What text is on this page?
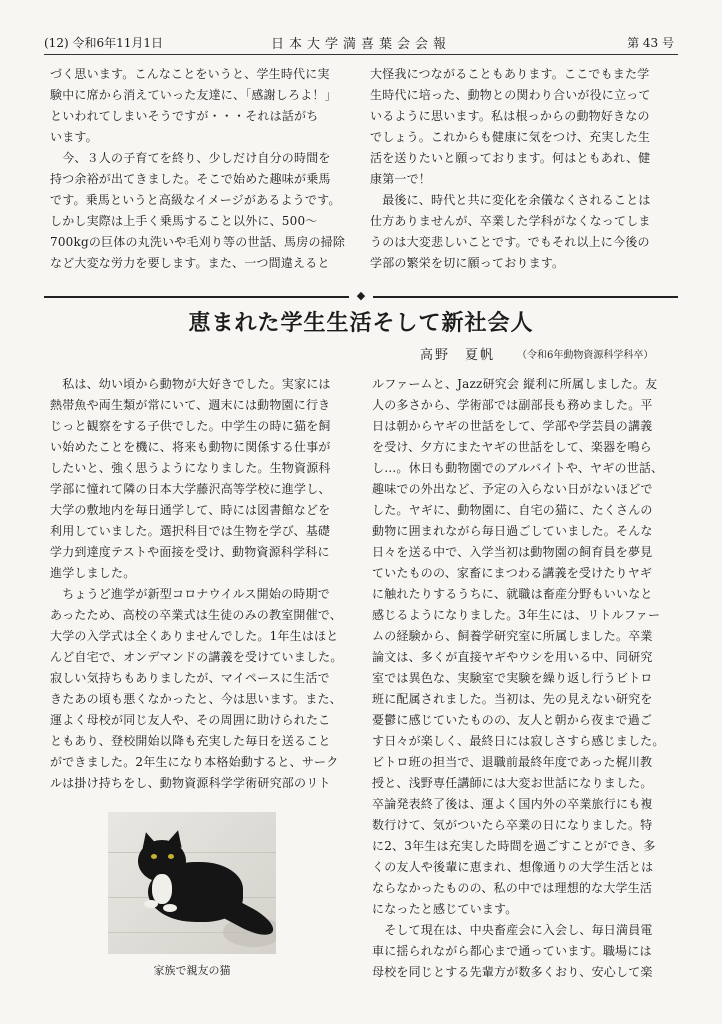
(12) 令和6年11月1日	日本大学満喜葉会会報	第 43 号
づく思います。こんなことをいうと、学生時代に実
験中に席から消えていった友達に、「感謝しろよ！」
といわれてしまいそうですが・・・それは話がち
います。
　今、３人の子育てを終り、少しだけ自分の時間を
持つ余裕が出てきました。そこで始めた趣味が乗馬
です。乗馬というと高級なイメージがあるようです。
しかし実際は上手く乗馬すること以外に、500〜
700kgの巨体の丸洗いや毛刈り等の世話、馬房の掃除
など大変な労力を要します。また、一つ間違えると
大怪我につながることもあります。ここでもまた学
生時代に培った、動物との関わり合いが役に立って
いるように思います。私は根っからの動物好きなの
でしょう。これからも健康に気をつけ、充実した生
活を送りたいと願っております。何はともあれ、健
康第一で！
　最後に、時代と共に変化を余儀なくされることは
仕方ありませんが、卒業した学科がなくなってしま
うのは大変悲しいことです。でもそれ以上に今後の
学部の繁栄を切に願っております。
◆
恵まれた学生生活そして新社会人
高野　夏帆 （令和6年動物資源科学科卒）
　私は、幼い頃から動物が大好きでした。実家には
熱帯魚や両生類が常にいて、週末には動物園に行き
じっと観察をする子供でした。中学生の時に猫を飼
い始めたことを機に、将来も動物に関係する仕事が
したいと、強く思うようになりました。生物資源科
学部に憧れて隣の日本大学藤沢高等学校に進学し、
大学の敷地内を毎日通学して、時には図書館などを
利用していました。選択科目では生物を学び、基礎
学力到達度テストや面接を受け、動物資源科学科に
進学しました。
　ちょうど進学が新型コロナウイルス開始の時期で
あったため、高校の卒業式は生徒のみの教室開催で、
大学の入学式は全くありませんでした。1年生はほと
んど自宅で、オンデマンドの講義を受けていました。
寂しい気持ちもありましたが、マイペースに生活で
きたあの頃も悪くなかったと、今は思います。また、
運よく母校が同じ友人や、その周囲に助けられたこ
ともあり、登校開始以降も充実した毎日を送ること
ができました。2年生になり本格始動すると、サーク
ルは掛け持ちをし、動物資源科学学術研究部のリト
ルファームと、Jazz研究会 縦利に所属しました。友
人の多さから、学術部では副部長も務めました。平
日は朝からヤギの世話をして、学部や学芸員の講義
を受け、夕方にまたヤギの世話をして、楽器を鳴ら
し…。休日も動物園でのアルバイトや、ヤギの世話、
趣味での外出など、予定の入らない日がないほどで
した。ヤギに、動物園に、自宅の猫に、たくさんの
動物に囲まれながら毎日過ごしていました。そんな
日々を送る中で、入学当初は動物園の飼育員を夢見
ていたものの、家畜にまつわる講義を受けたりヤギ
に触れたりするうちに、就職は畜産分野もいいなと
感じるようになりました。3年生には、リトルファー
ムの経験から、飼養学研究室に所属しました。卒業
論文は、多くが直接ヤギやウシを用いる中、同研究
室では異色な、実験室で実験を繰り返し行うビトロ
班に配属されました。当初は、先の見えない研究を
憂鬱に感じていたものの、友人と朝から夜まで過ご
す日々が楽しく、最終日には寂しさすら感じました。
ビトロ班の担当で、退職前最終年度であった梶川教
授と、浅野専任講師には大変お世話になりました。
卒論発表終了後は、運よく国内外の卒業旅行にも複
数行けて、気がついたら卒業の日になりました。特
に2、3年生は充実した時間を過ごすことができ、多
くの友人や後輩に恵まれ、想像通りの大学生活とは
ならなかったものの、私の中では理想的な大学生活
になったと感じています。
　そして現在は、中央畜産会に入会し、毎日満員電
車に揺られながら都心まで通っています。職場には
母校を同じとする先輩方が数多くおり、安心して楽
家族で親友の猫
